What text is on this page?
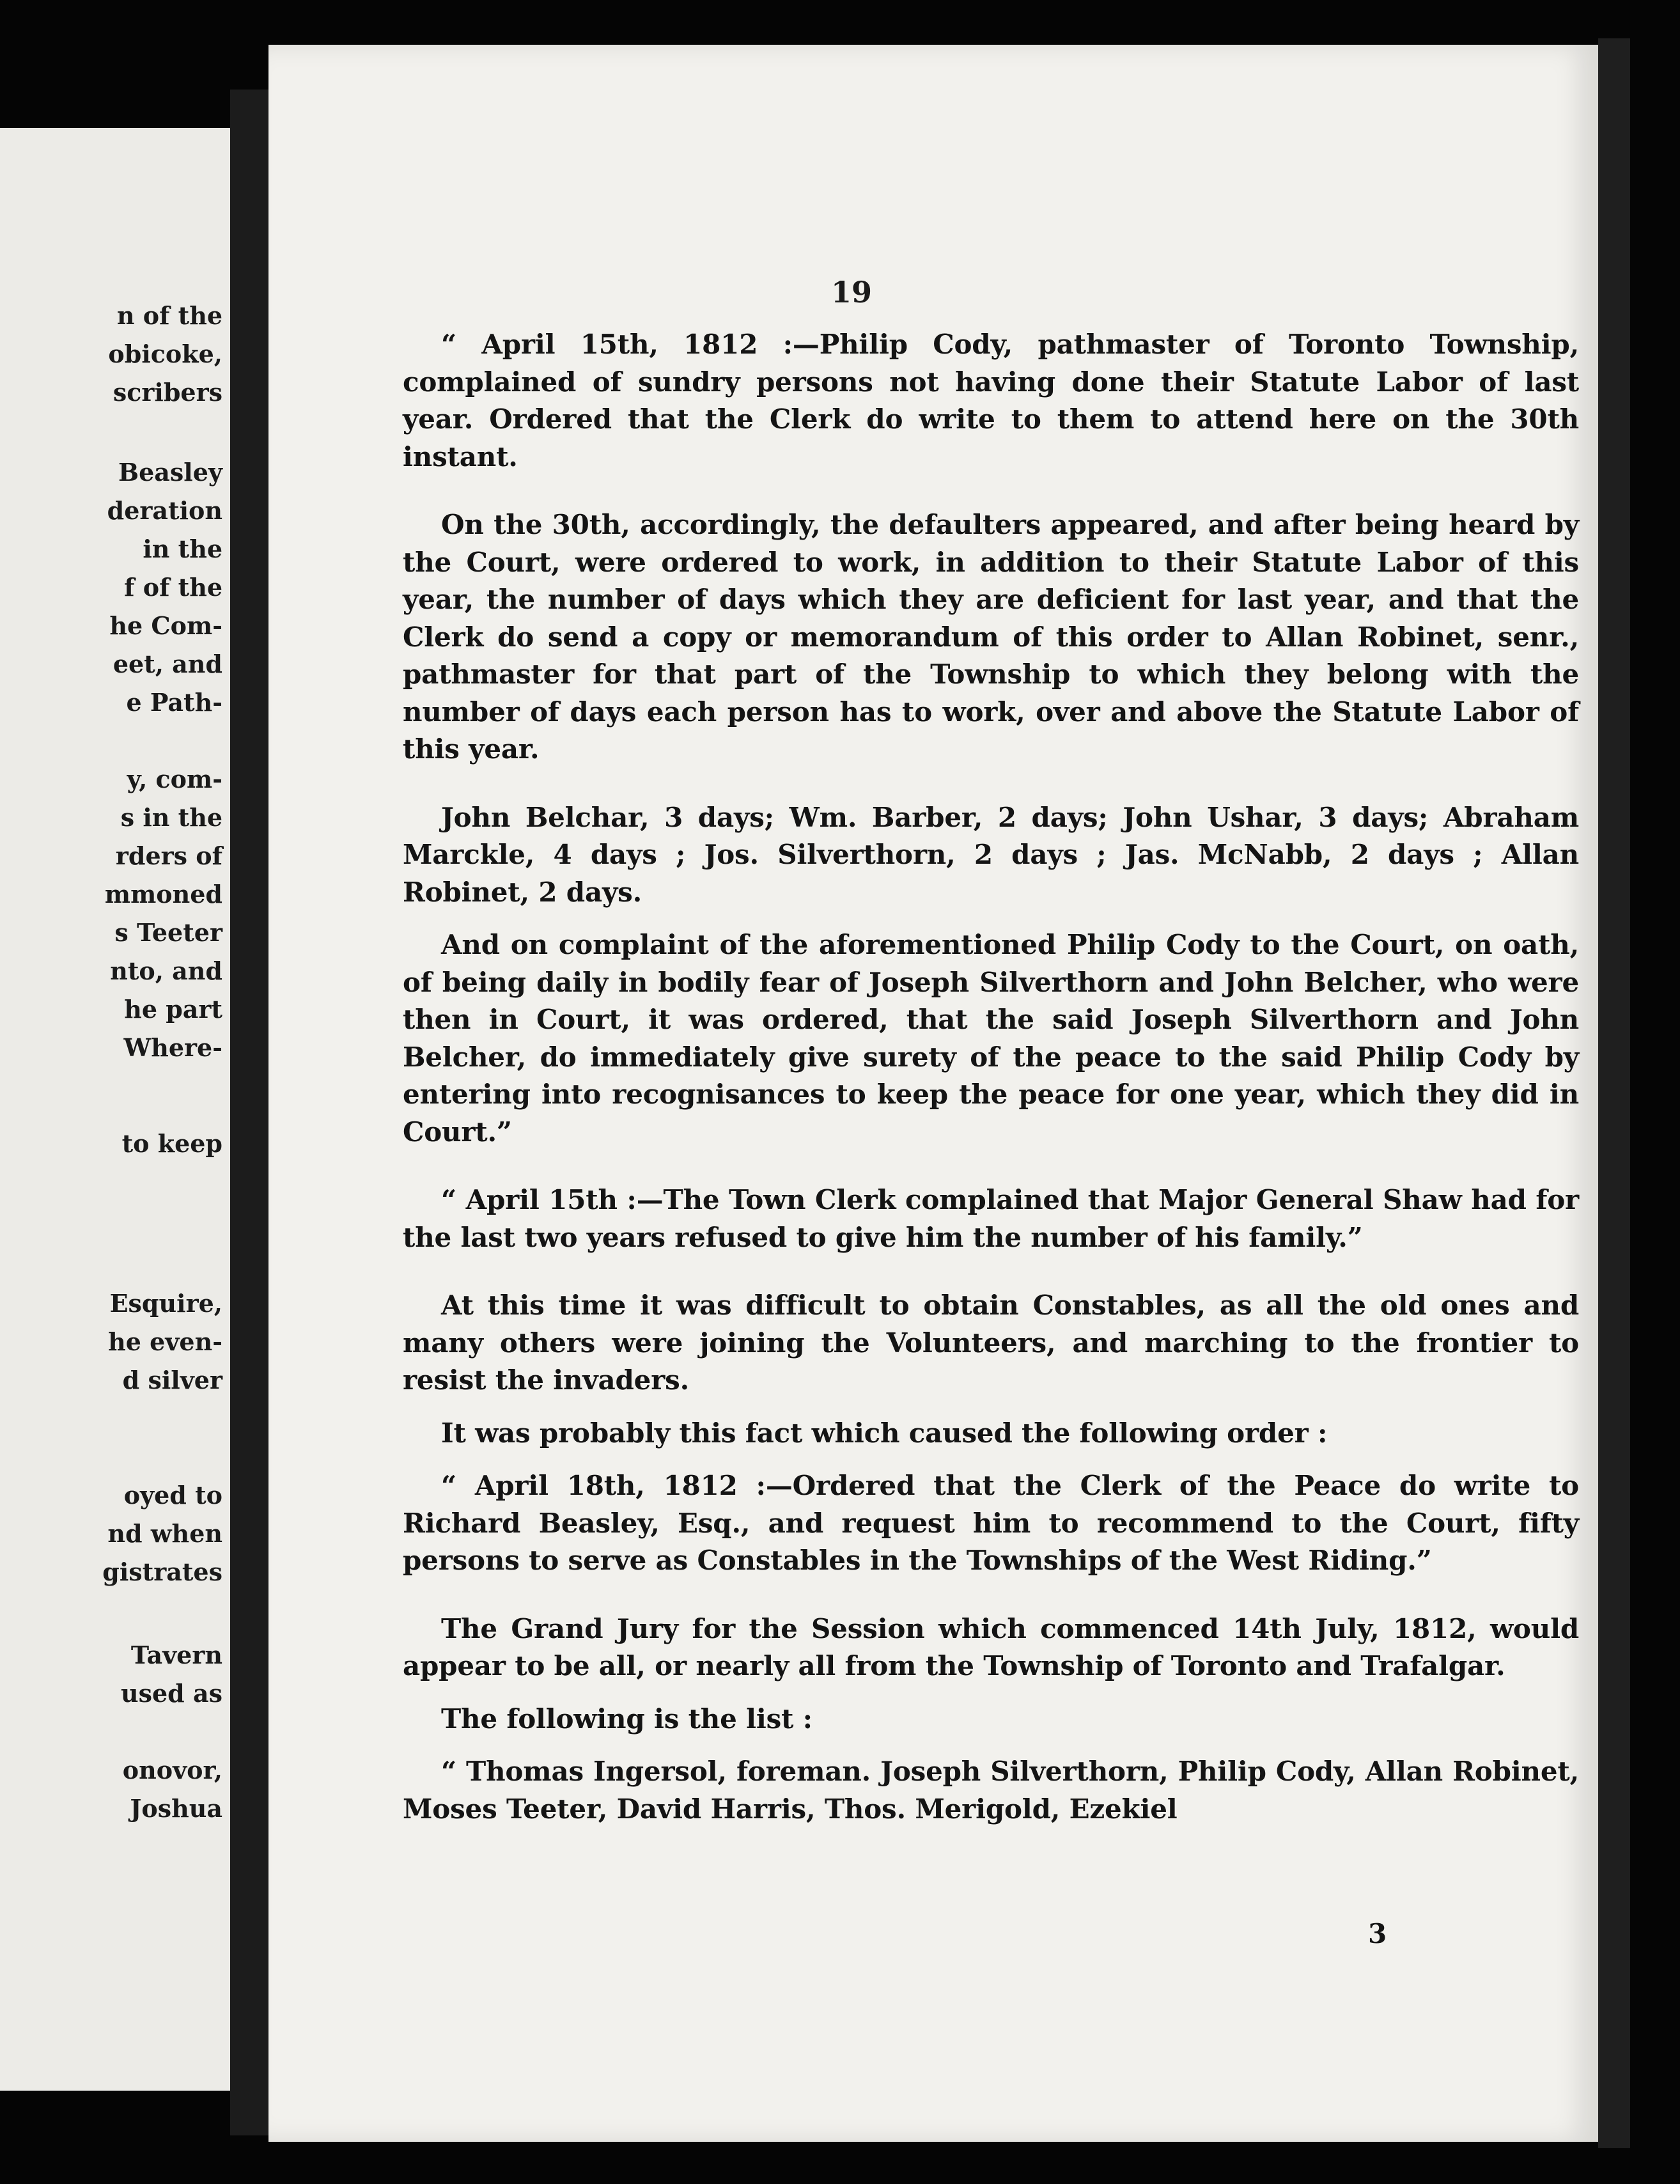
n of the
obicoke,
scribers
Beasley
deration
in the
f of the
he Com-
eet, and
e Path-
y, com-
s in the
rders of
mmoned
s Teeter
nto, and
he part
Where-
to keep
Esquire,
he even-
d silver
oyed to
nd when
gistrates
Tavern
used as
onovor,
Joshua
19

“ April 15th, 1812 :—Philip Cody, pathmaster of Toronto Township, complained of sundry persons not having done their Statute Labor of last year. Ordered that the Clerk do write to them to attend here on the 30th instant.

On the 30th, accordingly, the defaulters appeared, and after being heard by the Court, were ordered to work, in addition to their Statute Labor of this year, the number of days which they are deficient for last year, and that the Clerk do send a copy or memorandum of this order to Allan Robinet, senr., pathmaster for that part of the Township to which they belong with the number of days each person has to work, over and above the Statute Labor of this year.

John Belchar, 3 days; Wm. Barber, 2 days; John Ushar, 3 days; Abraham Marckle, 4 days ; Jos. Silverthorn, 2 days ; Jas. McNabb, 2 days ; Allan Robinet, 2 days.

And on complaint of the aforementioned Philip Cody to the Court, on oath, of being daily in bodily fear of Joseph Silverthorn and John Belcher, who were then in Court, it was ordered, that the said Joseph Silverthorn and John Belcher, do immediately give surety of the peace to the said Philip Cody by entering into recognisances to keep the peace for one year, which they did in Court.”

“ April 15th :—The Town Clerk complained that Major General Shaw had for the last two years refused to give him the number of his family.”

At this time it was difficult to obtain Constables, as all the old ones and many others were joining the Volunteers, and marching to the frontier to resist the invaders.

It was probably this fact which caused the following order :

“ April 18th, 1812 :—Ordered that the Clerk of the Peace do write to Richard Beasley, Esq., and request him to recommend to the Court, fifty persons to serve as Constables in the Townships of the West Riding.”

The Grand Jury for the Session which commenced 14th July, 1812, would appear to be all, or nearly all from the Township of Toronto and Trafalgar.

The following is the list :

“ Thomas Ingersol, foreman. Joseph Silverthorn, Philip Cody, Allan Robinet, Moses Teeter, David Harris, Thos. Merigold, Ezekiel

3
